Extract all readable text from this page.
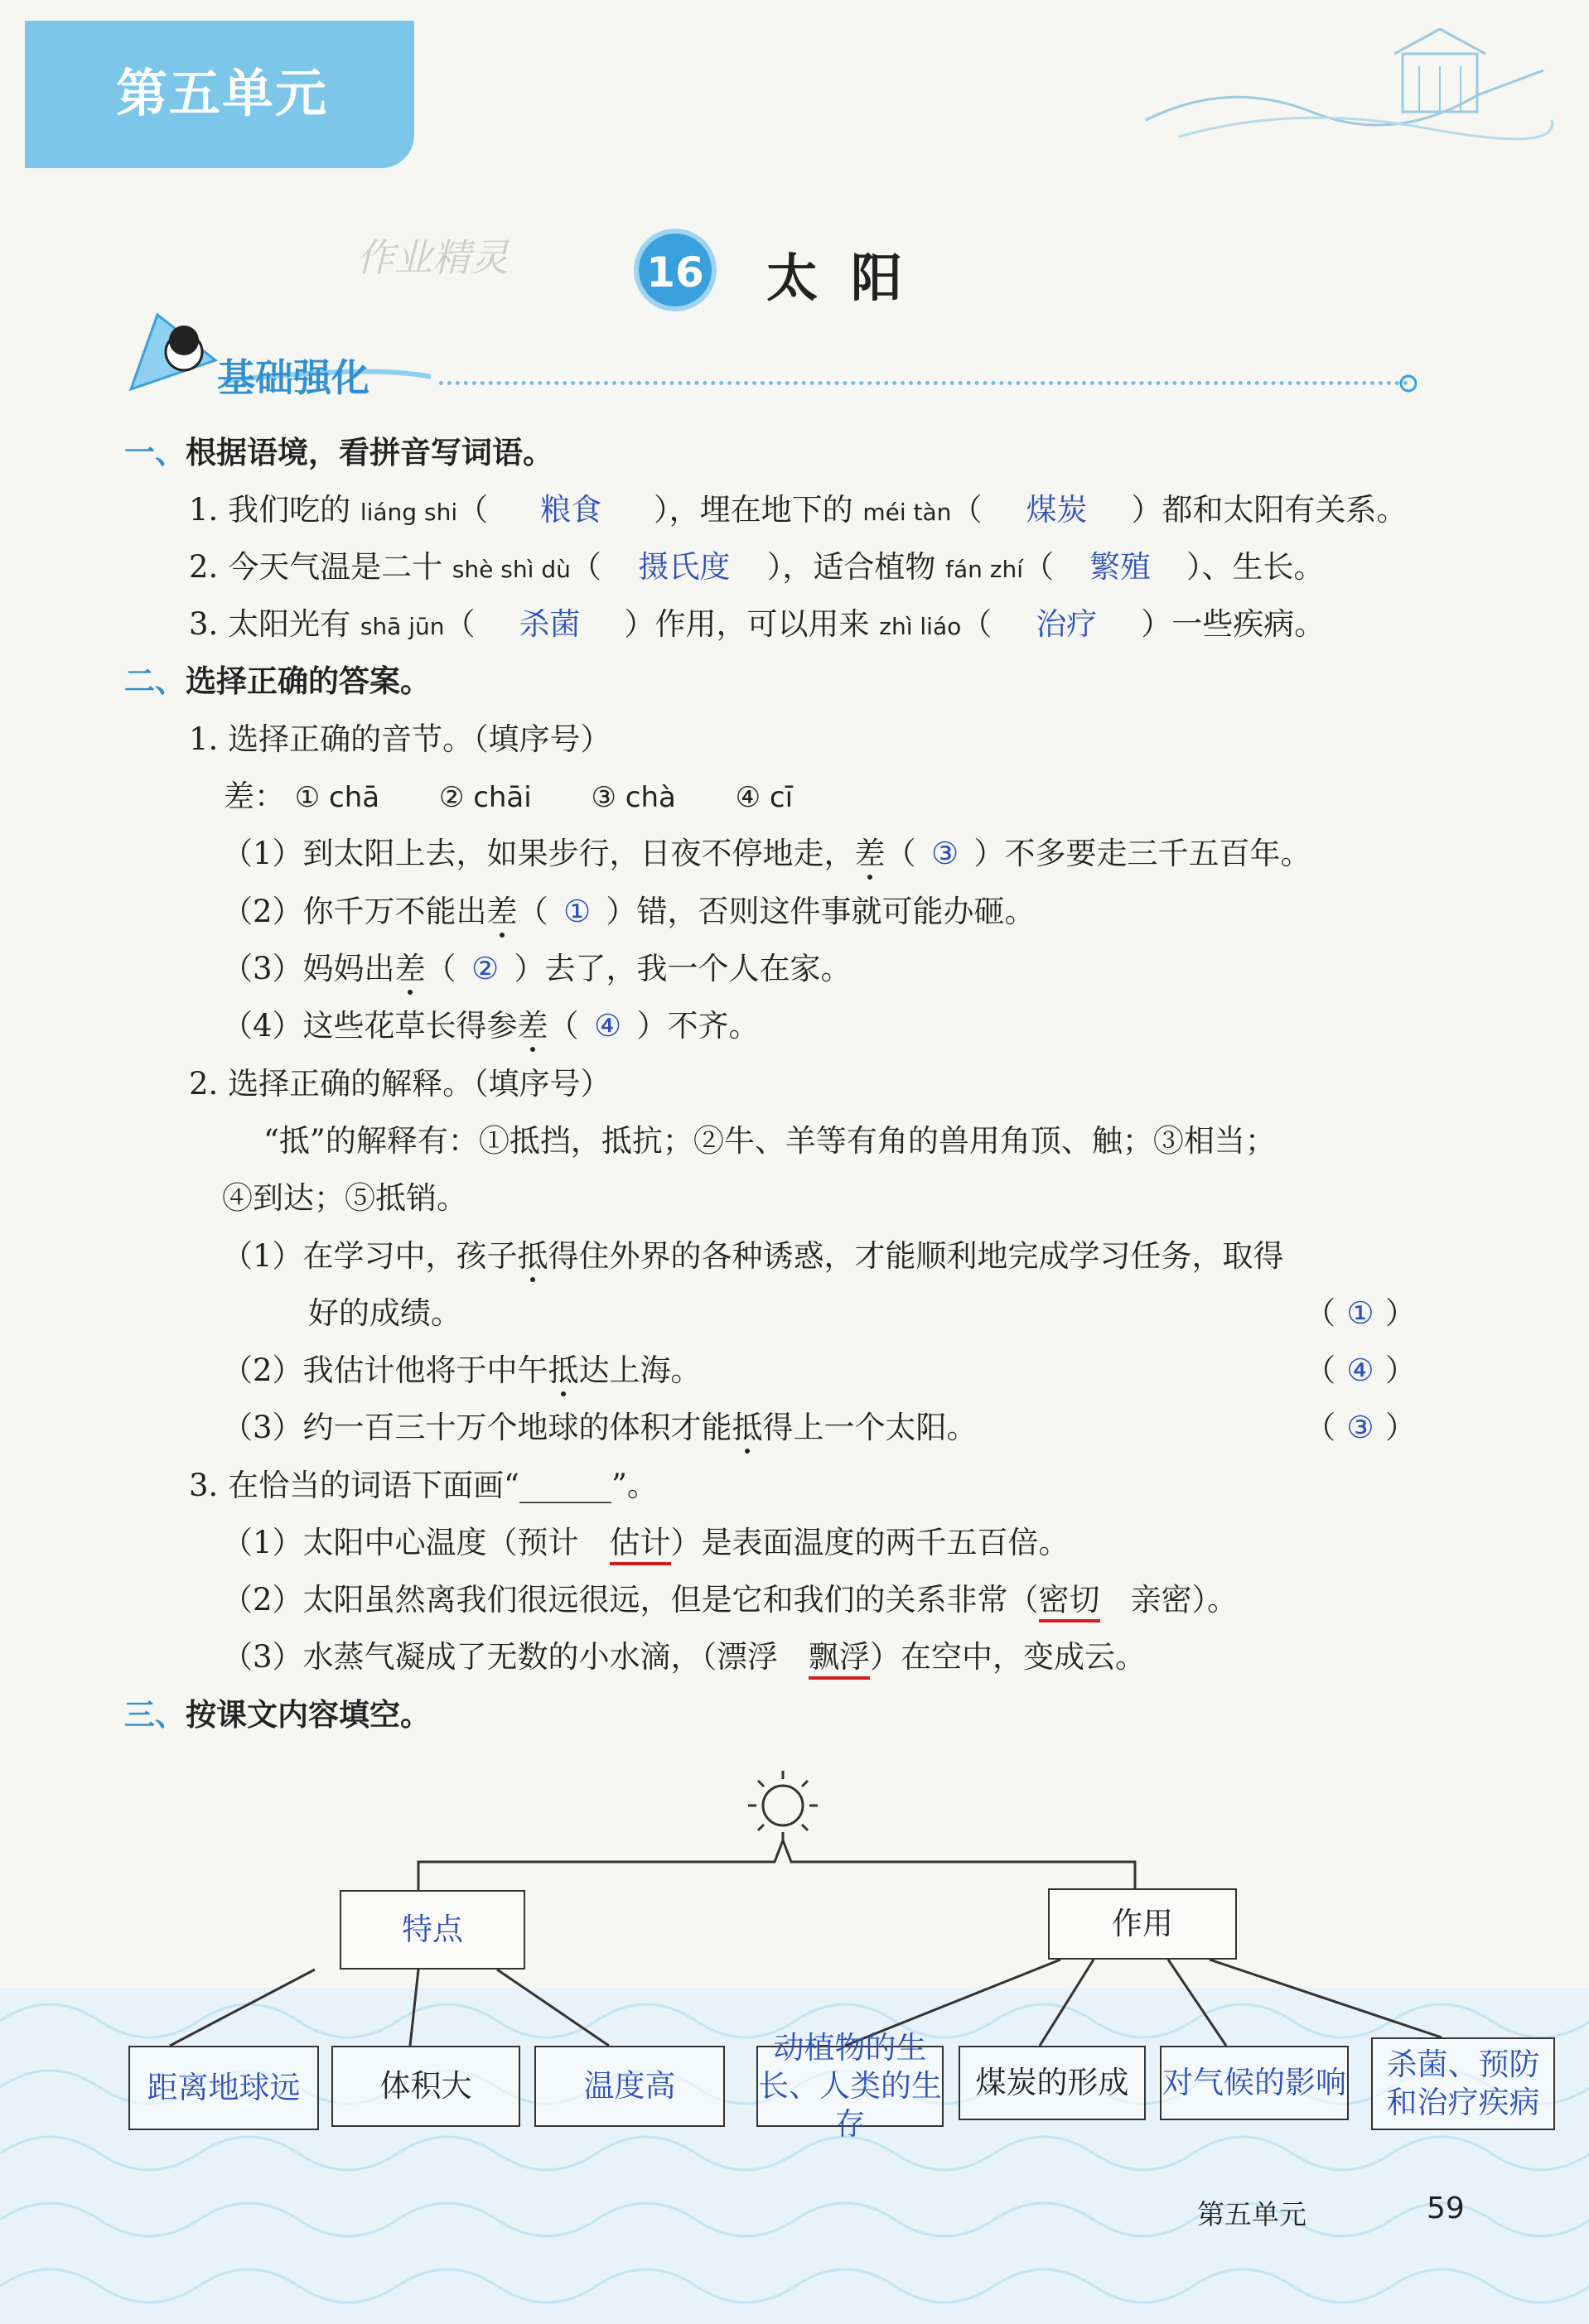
第五单元
作业精灵	16 太阳
基础强化
一、根据语境，看拼音写词语。
1. 我们吃的 liáng shi（ 粮食 ），埋在地下的 méi tàn（ 煤炭 ）都和太阳有关系。
2. 今天气温是二十 shè shì dù（ 摄氏度 ），适合植物 fán zhí（ 繁殖 ）、生长。
3. 太阳光有 shā jūn（ 杀菌 ）作用，可以用来 zhì liáo（ 治疗 ）一些疾病。
二、选择正确的答案。
1. 选择正确的音节。（填序号）
差： ① chā ② chāi ③ chà ④ cī
（1）到太阳上去，如果步行，日夜不停地走，差（ ③ ）不多要走三千五百年。
（2）你千万不能出差（ ① ）错，否则这件事就可能办砸。
（3）妈妈出差（ ② ）去了，我一个人在家。
（4）这些花草长得参差（ ④ ）不齐。
2. 选择正确的解释。（填序号）
“抵”的解释有：①抵挡，抵抗；②牛、羊等有角的兽用角顶、触；③相当；
④到达；⑤抵销。
（1）在学习中，孩子抵得住外界的各种诱惑，才能顺利地完成学习任务，取得
好的成绩。	（ ① ）
（2）我估计他将于中午抵达上海。	（ ④ ）
（3）约一百三十万个地球的体积才能抵得上一个太阳。	（ ③ ）
3. 在恰当的词语下面画“______”。
（1）太阳中心温度（预计　估计）是表面温度的两千五百倍。
（2）太阳虽然离我们很远很远，但是它和我们的关系非常（密切　亲密）。
（3）水蒸气凝成了无数的小水滴，（漂浮　飘浮）在空中，变成云。
三、按课文内容填空。
特点	作用
距离地球远	体积大	温度高
动植物的生长、人类的生存
煤炭的形成	对气候的影响
杀菌、预防和治疗疾病
第五单元	59
